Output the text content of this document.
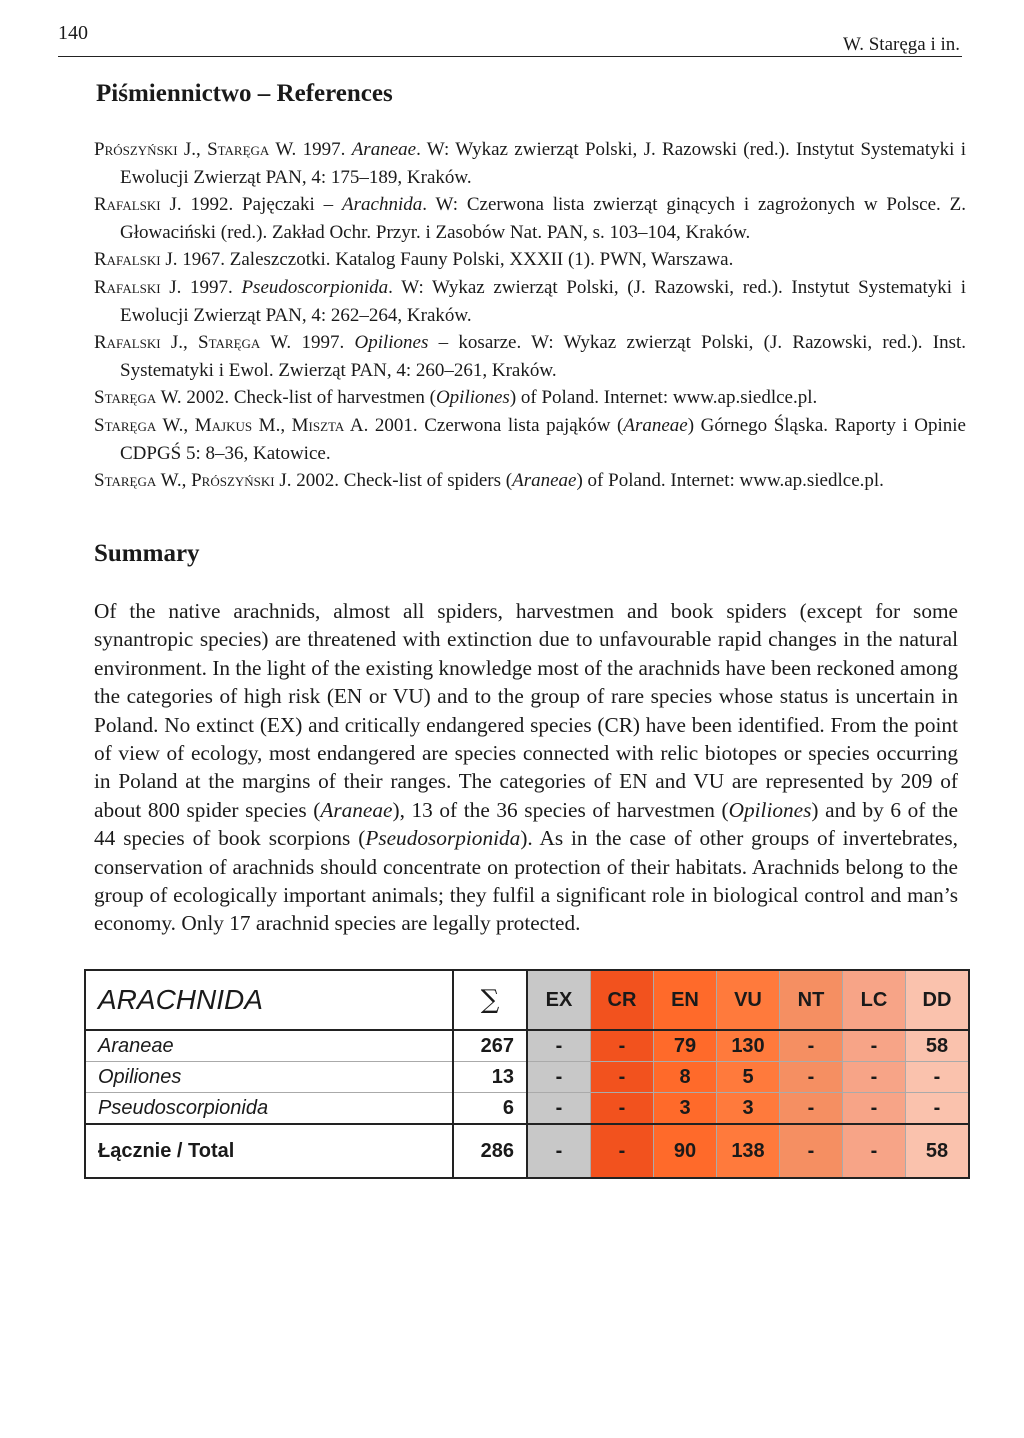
140
W. Staręga i in.
Piśmiennictwo – References

Prószyński J., Staręga W. 1997. Araneae. W: Wykaz zwierząt Polski, J. Razowski (red.). Instytut Systematyki i Ewolucji Zwierząt PAN, 4: 175–189, Kraków.

Rafalski J. 1992. Pajęczaki – Arachnida. W: Czerwona lista zwierząt ginących i zagrożonych w Polsce. Z. Głowaciński (red.). Zakład Ochr. Przyr. i Zasobów Nat. PAN, s. 103–104, Kraków.

Rafalski J. 1967. Zaleszczotki. Katalog Fauny Polski, XXXII (1). PWN, Warszawa.

Rafalski J. 1997. Pseudoscorpionida. W: Wykaz zwierząt Polski, (J. Razowski, red.). Instytut Systematyki i Ewolucji Zwierząt PAN, 4: 262–264, Kraków.

Rafalski J., Staręga W. 1997. Opiliones – kosarze. W: Wykaz zwierząt Polski, (J. Razowski, red.). Inst. Systematyki i Ewol. Zwierząt PAN, 4: 260–261, Kraków.

Staręga W. 2002. Check-list of harvestmen (Opiliones) of Poland. Internet: www.ap.siedlce.pl.

Staręga W., Majkus M., Miszta A. 2001. Czerwona lista pająków (Araneae) Górnego Śląska. Raporty i Opinie CDPGŚ 5: 8–36, Katowice.

Staręga W., Prószyński J. 2002. Check-list of spiders (Araneae) of Poland. Internet: www.ap.siedlce.pl.

Summary

Of the native arachnids, almost all spiders, harvestmen and book spiders (except for some synantropic species) are threatened with extinction due to unfavourable rapid changes in the natural environment. In the light of the existing knowledge most of the arachnids have been reckoned among the categories of high risk (EN or VU) and to the group of rare species whose status is uncertain in Poland. No extinct (EX) and critically endangered species (CR) have been identified. From the point of view of ecology, most endangered are species connected with relic biotopes or species occurring in Poland at the margins of their ranges. The categories of EN and VU are represented by 209 of about 800 spider species (Araneae), 13 of the 36 species of harvestmen (Opiliones) and by 6 of the 44 species of book scorpions (Pseudosorpionida). As in the case of other groups of invertebrates, conservation of arachnids should concentrate on protection of their habitats. Arachnids belong to the group of ecologically important animals; they fulfil a significant role in biological control and man’s economy. Only 17 arachnid species are legally protected.

ARACHNIDA	∑	EX	CR	EN	VU	NT	LC	DD
Araneae	267	-	-	79	130	-	-	58
Opiliones	13	-	-	8	5	-	-	-
Pseudoscorpionida	6	-	-	3	3	-	-	-
Łącznie / Total	286	-	-	90	138	-	-	58
